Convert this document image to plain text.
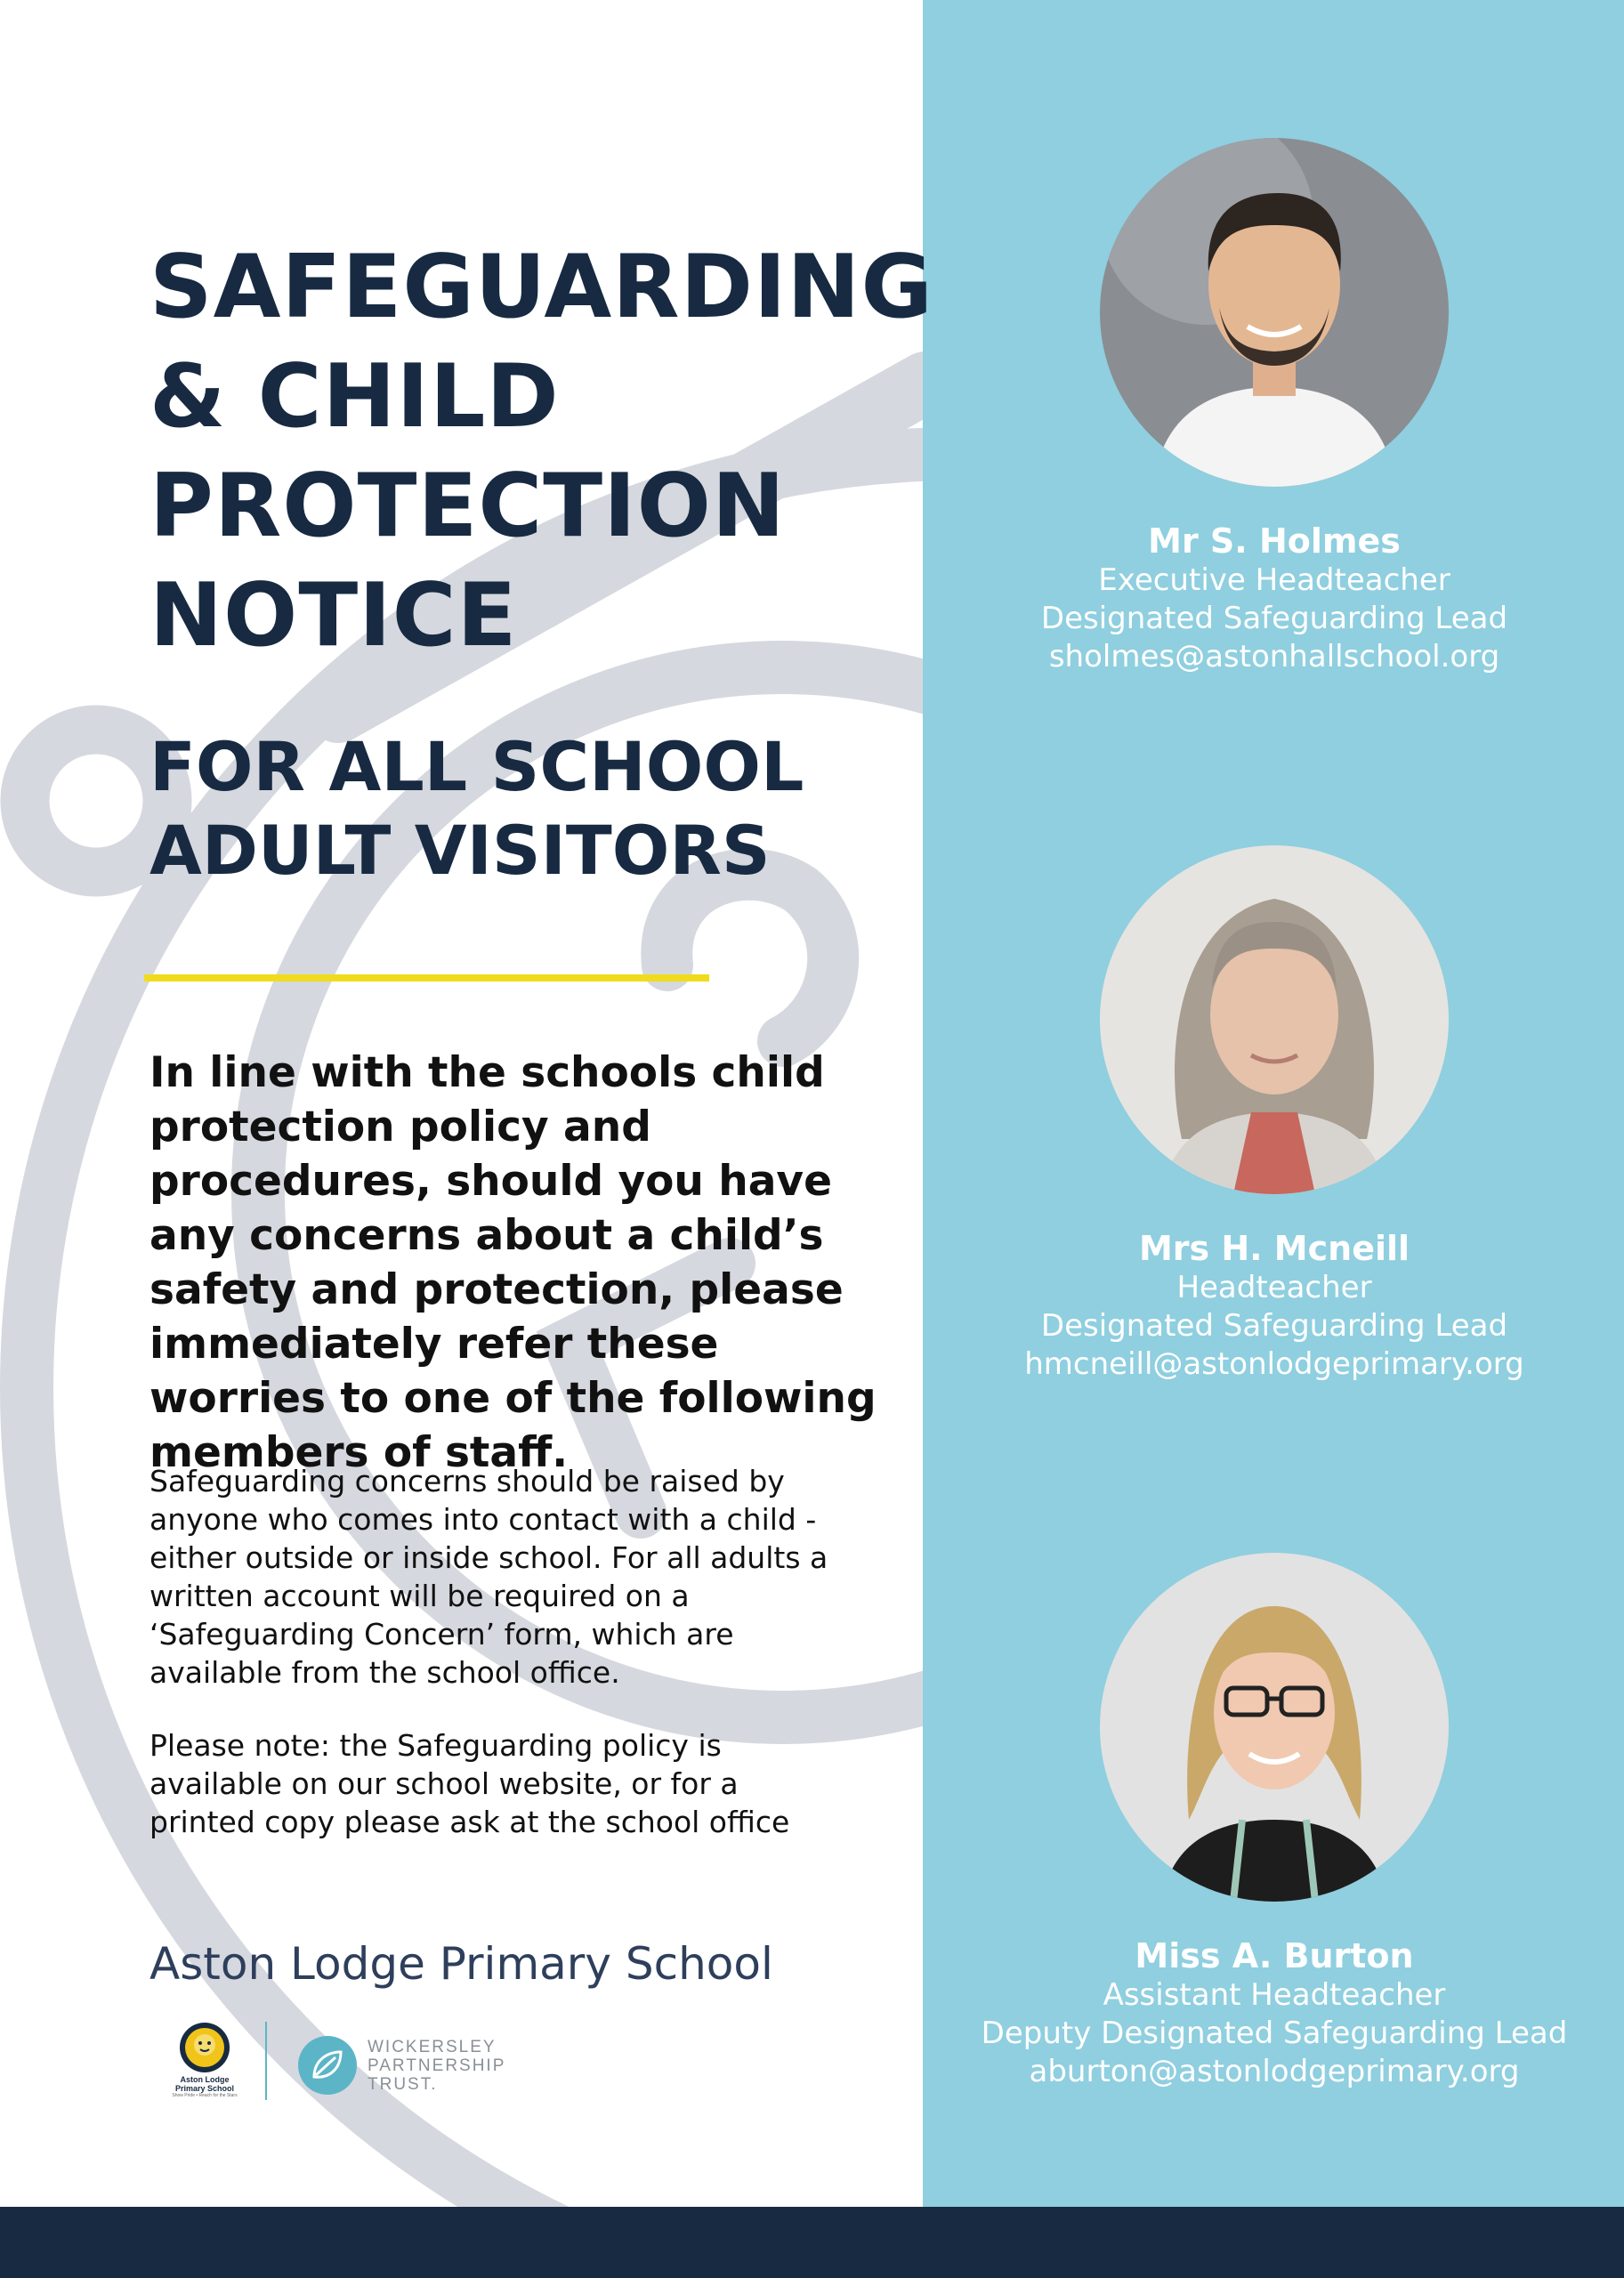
SAFEGUARDING
& CHILD
PROTECTION
NOTICE
FOR ALL SCHOOL
ADULT VISITORS

In line with the schools child protection policy and procedures, should you have any concerns about a child’s safety and protection, please immediately refer these worries to one of the following members of staff.

Safeguarding concerns should be raised by anyone who comes into contact with a child - either outside or inside school. For all adults a written account will be required on a ‘Safeguarding Concern’ form, which are available from the school office.

Please note: the Safeguarding policy is available on our school website, or for a printed copy please ask at the school office

Aston Lodge Primary School

Aston Lodge
Primary School
Show Pride • Reach for the Stars
WICKERSLEY
PARTNERSHIP
TRUST.

Mr S. Holmes

Executive Headteacher

Designated Safeguarding Lead

sholmes@astonhallschool.org

Mrs H. Mcneill

Headteacher

Designated Safeguarding Lead

hmcneill@astonlodgeprimary.org

Miss A. Burton

Assistant Headteacher

Deputy Designated Safeguarding Lead

aburton@astonlodgeprimary.org
